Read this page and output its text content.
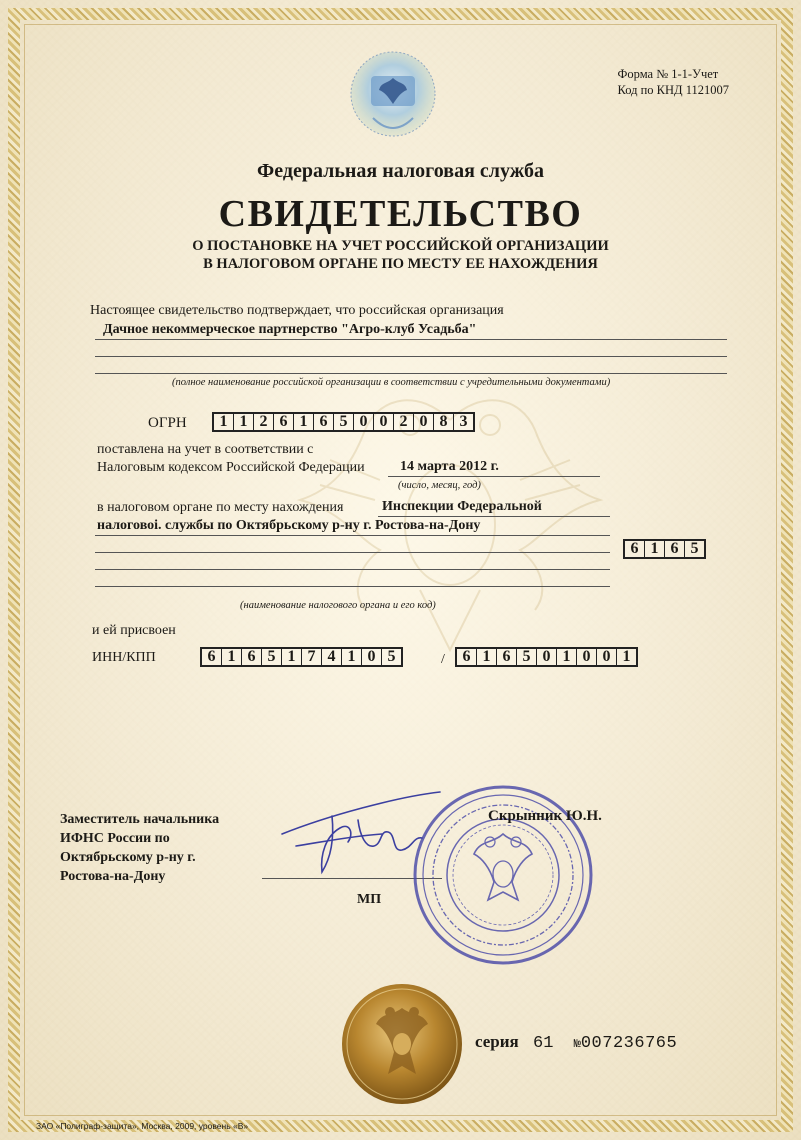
Форма № 1-1-Учет
Код по КНД 1121007
Федеральная налоговая служба
СВИДЕТЕЛЬСТВО
О ПОСТАНОВКЕ НА УЧЕТ РОССИЙСКОЙ ОРГАНИЗАЦИИ
В НАЛОГОВОМ ОРГАНЕ ПО МЕСТУ ЕЕ НАХОЖДЕНИЯ
Настоящее свидетельство подтверждает, что российская организация
Дачное некоммерческое партнерство "Агро-клуб Усадьба"
(полное наименование российской организации в соответствии с учредительными документами)
ОГРН	1 1 2 6 1 6 5 0 0 2 0 8 3
поставлена на учет в соответствии с
Налоговым кодексом Российской Федерации	14 марта 2012 г.
(число, месяц, год)
в налоговом органе по месту нахождения	Инспекции Федеральной
налоговоі. службы по Октябрьскому р-ну г. Ростова-на-Дону
6 1 6 5
(наименование налогового органа и его код)
и ей присвоен
ИНН/КПП	6 1 6 5 1 7 4 1 0 5	/	6 1 6 5 0 1 0 0 1
Заместитель начальника
ИФНС России по
Октябрьскому р-ну г.
Ростова-на-Дону
МП
Скрынник Ю.Н.
серия 61 №007236765
ЗАО «Полиграф-защита», Москва, 2009, уровень «В»
